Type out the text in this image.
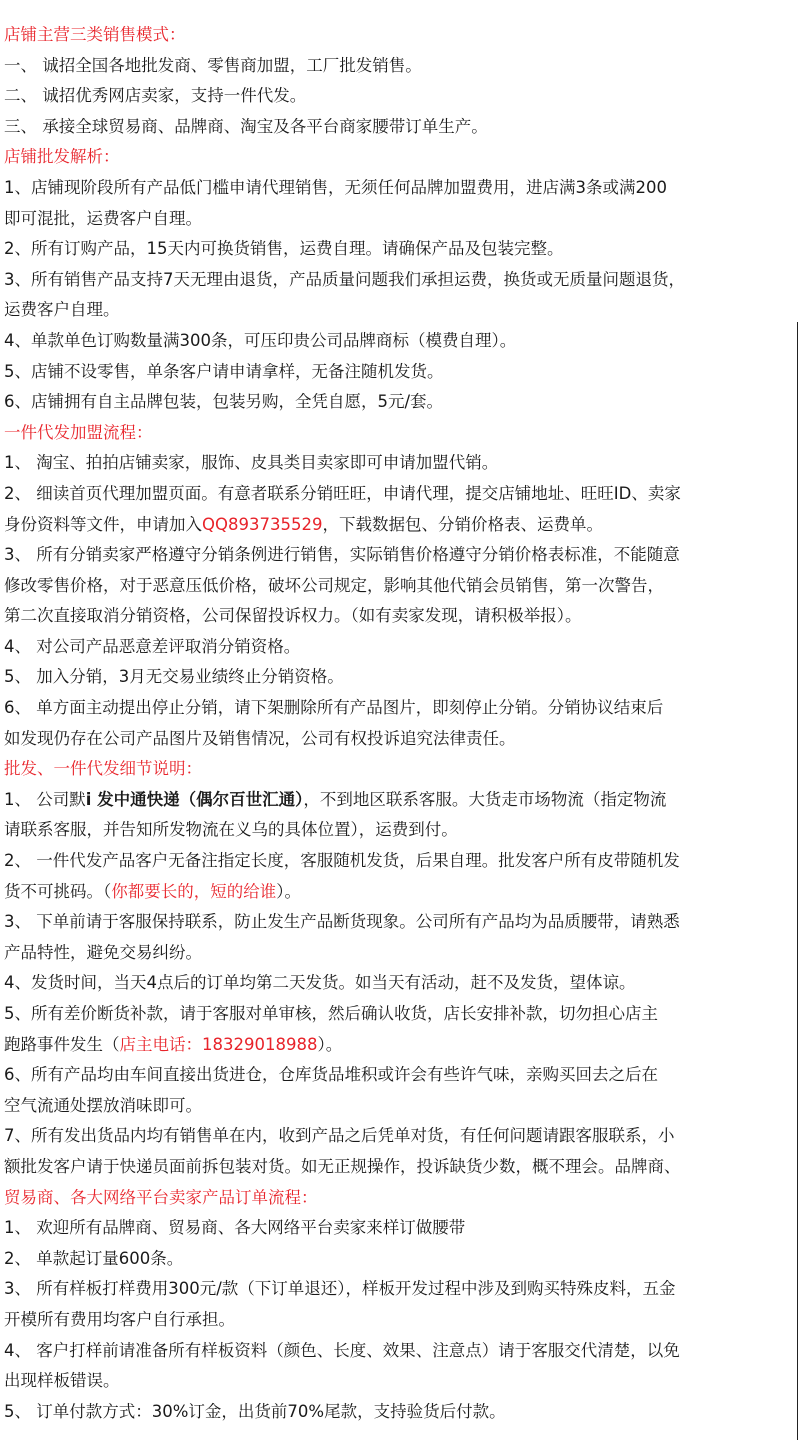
店铺主营三类销售模式：
一、 诚招全国各地批发商、零售商加盟，工厂批发销售。
二、 诚招优秀网店卖家，支持一件代发。
三、 承接全球贸易商、品牌商、淘宝及各平台商家腰带订单生产。
店铺批发解析：
1、店铺现阶段所有产品低门槛申请代理销售，无须任何品牌加盟费用，进店满3条或满200
即可混批，运费客户自理。
2、所有订购产品，15天内可换货销售，运费自理。请确保产品及包装完整。
3、所有销售产品支持7天无理由退货，产品质量问题我们承担运费，换货或无质量问题退货，
运费客户自理。
4、单款单色订购数量满300条，可压印贵公司品牌商标（模费自理）。
5、店铺不设零售，单条客户请申请拿样，无备注随机发货。
6、店铺拥有自主品牌包装，包装另购，全凭自愿，5元/套。
一件代发加盟流程：
1、 淘宝、拍拍店铺卖家，服饰、皮具类目卖家即可申请加盟代销。
2、 细读首页代理加盟页面。有意者联系分销旺旺，申请代理，提交店铺地址、旺旺ID、卖家
身份资料等文件，申请加入QQ893735529，下载数据包、分销价格表、运费单。
3、 所有分销卖家严格遵守分销条例进行销售，实际销售价格遵守分销价格表标准，不能随意
修改零售价格，对于恶意压低价格，破坏公司规定，影响其他代销会员销售，第一次警告，
第二次直接取消分销资格，公司保留投诉权力。（如有卖家发现，请积极举报）。
4、 对公司产品恶意差评取消分销资格。
5、 加入分销，3月无交易业绩终止分销资格。
6、 单方面主动提出停止分销，请下架删除所有产品图片，即刻停止分销。分销协议结束后
如发现仍存在公司产品图片及销售情况，公司有权投诉追究法律责任。
批发、一件代发细节说明：
1、 公司默i 发中通快递（偶尔百世汇通），不到地区联系客服。大货走市场物流（指定物流
请联系客服，并告知所发物流在义乌的具体位置），运费到付。
2、 一件代发产品客户无备注指定长度，客服随机发货，后果自理。批发客户所有皮带随机发
货不可挑码。（你都要长的，短的给谁）。
3、 下单前请于客服保持联系，防止发生产品断货现象。公司所有产品均为品质腰带，请熟悉
产品特性，避免交易纠纷。
4、发货时间，当天4点后的订单均第二天发货。如当天有活动，赶不及发货，望体谅。
5、所有差价断货补款，请于客服对单审核，然后确认收货，店长安排补款，切勿担心店主
跑路事件发生（店主电话：18329018988）。
6、所有产品均由车间直接出货进仓，仓库货品堆积或许会有些许气味，亲购买回去之后在
空气流通处摆放消味即可。
7、所有发出货品内均有销售单在内，收到产品之后凭单对货，有任何问题请跟客服联系，小
额批发客户请于快递员面前拆包装对货。如无正规操作，投诉缺货少数，概不理会。品牌商、
贸易商、各大网络平台卖家产品订单流程：
1、 欢迎所有品牌商、贸易商、各大网络平台卖家来样订做腰带
2、 单款起订量600条。
3、 所有样板打样费用300元/款（下订单退还），样板开发过程中涉及到购买特殊皮料，五金
开模所有费用均客户自行承担。
4、 客户打样前请准备所有样板资料（颜色、长度、效果、注意点）请于客服交代清楚，以免
出现样板错误。
5、 订单付款方式：30%订金，出货前70%尾款，支持验货后付款。
